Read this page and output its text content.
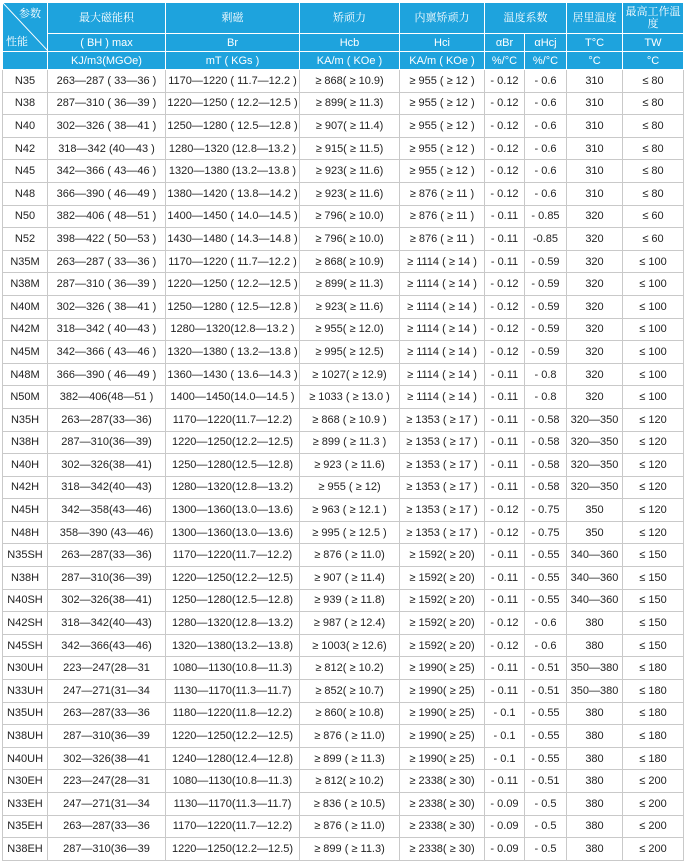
参数
性能	最大磁能积	剩磁	矫顽力	内禀矫顽力	温度系数		居里温度	最高工作温度
	( BH ) max	Br	Hcb	Hci	αBr	αHcj	T°C	TW
	KJ/m3(MGOe)	mT ( KGs )	KA/m ( KOe )	KA/m ( KOe )	%/°C	%/°C	°C	°C
N35	263—287 ( 33—36 )	1170—1220 ( 11.7—12.2 )	≥ 868( ≥ 10.9)	≥ 955 ( ≥ 12 )	- 0.12	- 0.6	310	≤ 80
N38	287—310 ( 36—39 )	1220—1250 ( 12.2—12.5 )	≥ 899( ≥ 11.3)	≥ 955 ( ≥ 12 )	- 0.12	- 0.6	310	≤ 80
N40	302—326 ( 38—41 )	1250—1280 ( 12.5—12.8 )	≥ 907( ≥ 11.4)	≥ 955 ( ≥ 12 )	- 0.12	- 0.6	310	≤ 80
N42	318—342 (40—43 )	1280—1320 (12.8—13.2 )	≥ 915( ≥ 11.5)	≥ 955 ( ≥ 12 )	- 0.12	- 0.6	310	≤ 80
N45	342—366 ( 43—46 )	1320—1380 (13.2—13.8 )	≥ 923( ≥ 11.6)	≥ 955 ( ≥ 12 )	- 0.12	- 0.6	310	≤ 80
N48	366—390 ( 46—49 )	1380—1420 ( 13.8—14.2 )	≥ 923( ≥ 11.6)	≥ 876 ( ≥ 11 )	- 0.12	- 0.6	310	≤ 80
N50	382—406 ( 48—51 )	1400—1450 ( 14.0—14.5 )	≥ 796( ≥ 10.0)	≥ 876 ( ≥ 11 )	- 0.11	- 0.85	320	≤ 60
N52	398—422 ( 50—53 )	1430—1480 ( 14.3—14.8 )	≥ 796( ≥ 10.0)	≥ 876 ( ≥ 11 )	- 0.11	-0.85	320	≤ 60
N35M	263—287 ( 33—36 )	1170—1220 ( 11.7—12.2 )	≥ 868( ≥ 10.9)	≥ 1114 ( ≥ 14 )	- 0.11	- 0.59	320	≤ 100
N38M	287—310 ( 36—39 )	1220—1250 ( 12.2—12.5 )	≥ 899( ≥ 11.3)	≥ 1114 ( ≥ 14 )	- 0.12	- 0.59	320	≤ 100
N40M	302—326 ( 38—41 )	1250—1280 ( 12.5—12.8 )	≥ 923( ≥ 11.6)	≥ 1114 ( ≥ 14 )	- 0.12	- 0.59	320	≤ 100
N42M	318—342 ( 40—43 )	1280—1320(12.8—13.2 )	≥ 955( ≥ 12.0)	≥ 1114 ( ≥ 14 )	- 0.12	- 0.59	320	≤ 100
N45M	342—366 ( 43—46 )	1320—1380 ( 13.2—13.8 )	≥ 995( ≥ 12.5)	≥ 1114 ( ≥ 14 )	- 0.12	- 0.59	320	≤ 100
N48M	366—390 ( 46—49 )	1360—1430 ( 13.6—14.3 )	≥ 1027( ≥ 12.9)	≥ 1114 ( ≥ 14 )	- 0.11	- 0.8	320	≤ 100
N50M	382—406(48—51 )	1400—1450(14.0—14.5 )	≥ 1033 ( ≥ 13.0 )	≥ 1114 ( ≥ 14 )	- 0.11	- 0.8	320	≤ 100
N35H	263—287(33—36)	1170—1220(11.7—12.2)	≥ 868 ( ≥ 10.9 )	≥ 1353 ( ≥ 17 )	- 0.11	- 0.58	320—350	≤ 120
N38H	287—310(36—39)	1220—1250(12.2—12.5)	≥ 899 ( ≥ 11.3 )	≥ 1353 ( ≥ 17 )	- 0.11	- 0.58	320—350	≤ 120
N40H	302—326(38—41)	1250—1280(12.5—12.8)	≥ 923 ( ≥ 11.6)	≥ 1353 ( ≥ 17 )	- 0.11	- 0.58	320—350	≤ 120
N42H	318—342(40—43)	1280—1320(12.8—13.2)	≥ 955 ( ≥ 12)	≥ 1353 ( ≥ 17 )	- 0.11	- 0.58	320—350	≤ 120
N45H	342—358(43—46)	1300—1360(13.0—13.6)	≥ 963 ( ≥ 12.1 )	≥ 1353 ( ≥ 17 )	- 0.12	- 0.75	350	≤ 120
N48H	358—390 (43—46)	1300—1360(13.0—13.6)	≥ 995 ( ≥ 12.5 )	≥ 1353 ( ≥ 17 )	- 0.12	- 0.75	350	≤ 120
N35SH	263—287(33—36)	1170—1220(11.7—12.2)	≥ 876 ( ≥ 11.0)	≥ 1592( ≥ 20)	- 0.11	- 0.55	340—360	≤ 150
N38H	287—310(36—39)	1220—1250(12.2—12.5)	≥ 907 ( ≥ 11.4)	≥ 1592( ≥ 20)	- 0.11	- 0.55	340—360	≤ 150
N40SH	302—326(38—41)	1250—1280(12.5—12.8)	≥ 939 ( ≥ 11.8)	≥ 1592( ≥ 20)	- 0.11	- 0.55	340—360	≤ 150
N42SH	318—342(40—43)	1280—1320(12.8—13.2)	≥ 987 ( ≥ 12.4)	≥ 1592( ≥ 20)	- 0.12	- 0.6	380	≤ 150
N45SH	342—366(43—46)	1320—1380(13.2—13.8)	≥ 1003( ≥ 12.6)	≥ 1592( ≥ 20)	- 0.12	- 0.6	380	≤ 150
N30UH	223—247(28—31	1080—1130(10.8—11.3)	≥ 812( ≥ 10.2)	≥ 1990( ≥ 25)	- 0.11	- 0.51	350—380	≤ 180
N33UH	247—271(31—34	1130—1170(11.3—11.7)	≥ 852( ≥ 10.7)	≥ 1990( ≥ 25)	- 0.11	- 0.51	350—380	≤ 180
N35UH	263—287(33—36	1180—1220(11.8—12.2)	≥ 860( ≥ 10.8)	≥ 1990( ≥ 25)	- 0.1	- 0.55	380	≤ 180
N38UH	287—310(36—39	1220—1250(12.2—12.5)	≥ 876 ( ≥ 11.0)	≥ 1990( ≥ 25)	- 0.1	- 0.55	380	≤ 180
N40UH	302—326(38—41	1240—1280(12.4—12.8)	≥ 899 ( ≥ 11.3)	≥ 1990( ≥ 25)	- 0.1	- 0.55	380	≤ 180
N30EH	223—247(28—31	1080—1130(10.8—11.3)	≥ 812( ≥ 10.2)	≥ 2338( ≥ 30)	- 0.11	- 0.51	380	≤ 200
N33EH	247—271(31—34	1130—1170(11.3—11.7)	≥ 836 ( ≥ 10.5)	≥ 2338( ≥ 30)	- 0.09	- 0.5	380	≤ 200
N35EH	263—287(33—36	1170—1220(11.7—12.2)	≥ 876 ( ≥ 11.0)	≥ 2338( ≥ 30)	- 0.09	- 0.5	380	≤ 200
N38EH	287—310(36—39	1220—1250(12.2—12.5)	≥ 899 ( ≥ 11.3)	≥ 2338( ≥ 30)	- 0.09	- 0.5	380	≤ 200
